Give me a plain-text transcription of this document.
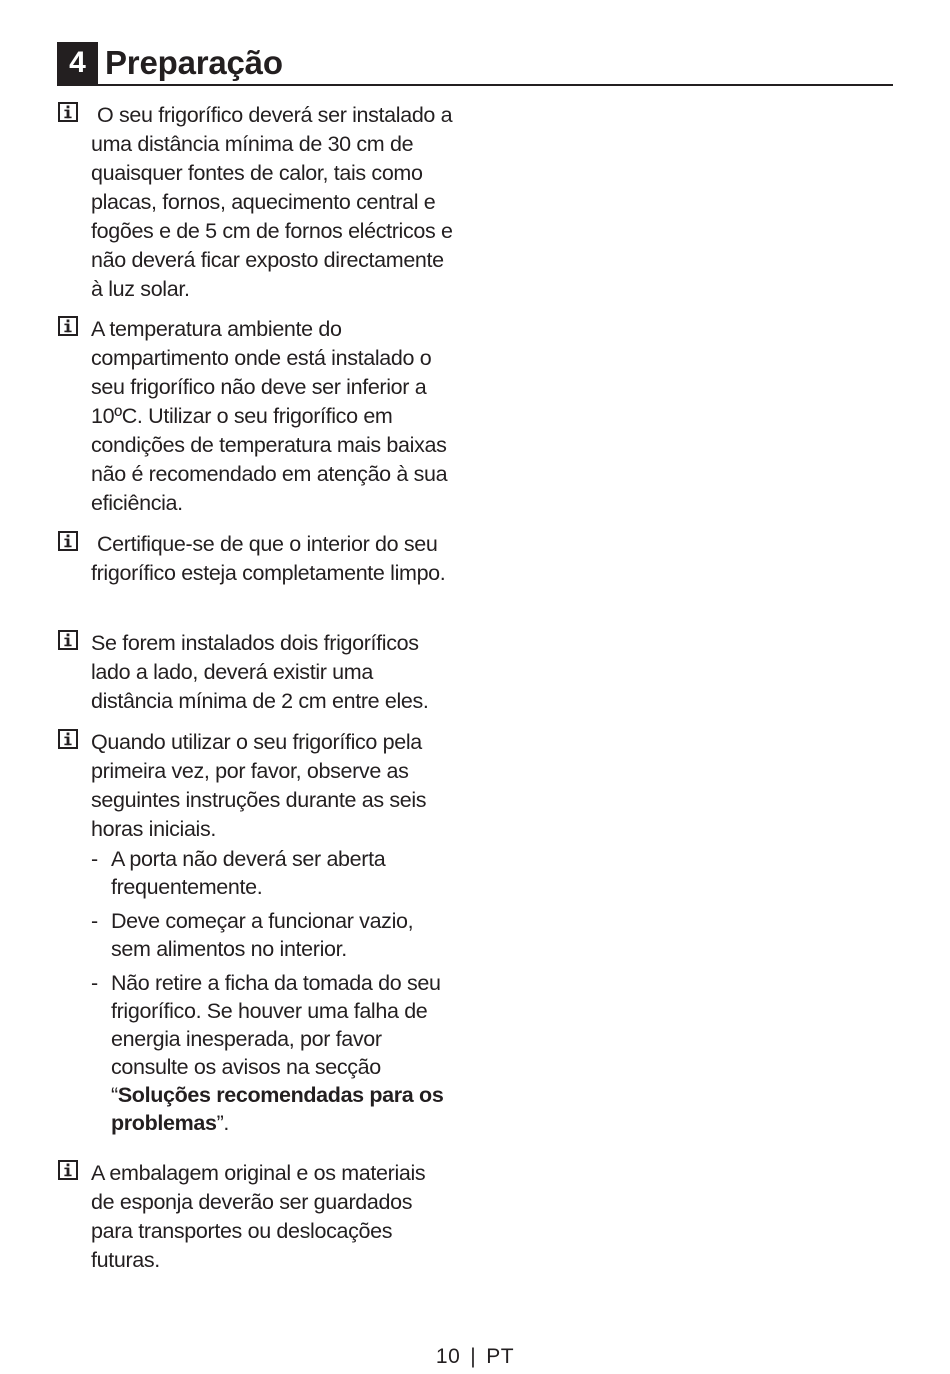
4 Preparação

O seu frigorífico deverá ser instalado a uma distância mínima de 30 cm de quaisquer fontes de calor, tais como placas, fornos, aquecimento central e fogões e de 5 cm de fornos eléctricos e não deverá ficar exposto directamente à luz solar.

A temperatura ambiente do compartimento onde está instalado o seu frigorífico não deve ser inferior a 10ºC. Utilizar o seu frigorífico em condições de temperatura mais baixas não é recomendado em atenção à sua eficiência.

Certifique-se de que o interior do seu frigorífico esteja completamente limpo.

Se forem instalados dois frigoríficos lado a lado, deverá existir uma distância mínima de 2 cm entre eles.

Quando utilizar o seu frigorífico pela primeira vez, por favor, observe as seguintes instruções durante as seis horas iniciais.
- A porta não deverá ser aberta frequentemente.
- Deve começar a funcionar vazio, sem alimentos no interior.
- Não retire a ficha da tomada do seu frigorífico. Se houver uma falha de energia inesperada, por favor consulte os avisos na secção “Soluções recomendadas para os problemas”.

A embalagem original e os materiais de esponja deverão ser guardados para transportes ou deslocações futuras.

10 | PT
